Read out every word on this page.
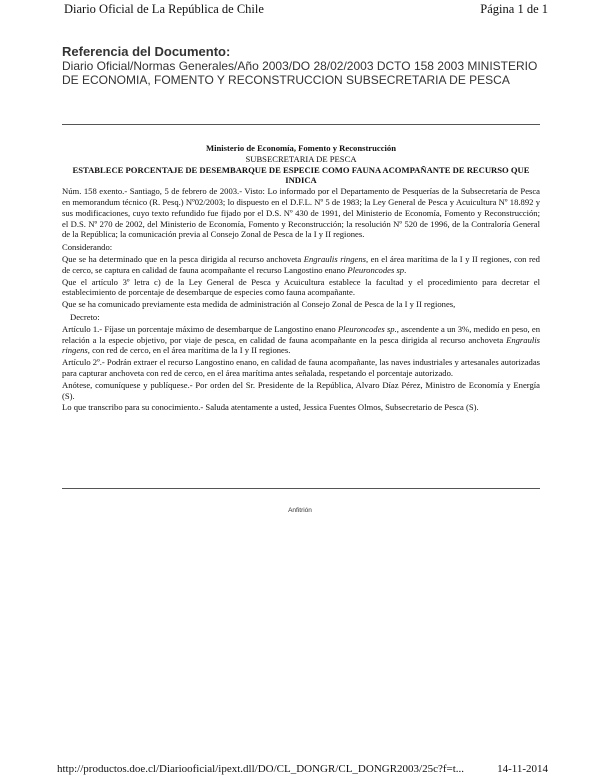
Diario Oficial de La República de Chile	Página 1 de 1

Referencia del Documento:

Diario Oficial/Normas Generales/Año 2003/DO 28/02/2003 DCTO 158 2003 MINISTERIO DE ECONOMIA, FOMENTO Y RECONSTRUCCION SUBSECRETARIA DE PESCA

Ministerio de Economía, Fomento y Reconstrucción
SUBSECRETARIA DE PESCA
ESTABLECE PORCENTAJE DE DESEMBARQUE DE ESPECIE COMO FAUNA ACOMPAÑANTE DE RECURSO QUE INDICA

Núm. 158 exento.- Santiago, 5 de febrero de 2003.- Visto: Lo informado por el Departamento de Pesquerías de la Subsecretaría de Pesca en memorandum técnico (R. Pesq.) Nº02/2003; lo dispuesto en el D.F.L. Nº 5 de 1983; la Ley General de Pesca y Acuicultura Nº 18.892 y sus modificaciones, cuyo texto refundido fue fijado por el D.S. Nº 430 de 1991, del Ministerio de Economía, Fomento y Reconstrucción; el D.S. Nº 270 de 2002, del Ministerio de Economía, Fomento y Reconstrucción; la resolución Nº 520 de 1996, de la Contraloría General de la República; la comunicación previa al Consejo Zonal de Pesca de la I y II regiones.

Considerando:

Que se ha determinado que en la pesca dirigida al recurso anchoveta Engraulis ringens, en el área marítima de la I y II regiones, con red de cerco, se captura en calidad de fauna acompañante el recurso Langostino enano Pleuroncodes sp.

Que el artículo 3º letra c) de la Ley General de Pesca y Acuicultura establece la facultad y el procedimiento para decretar el establecimiento de porcentaje de desembarque de especies como fauna acompañante.

Que se ha comunicado previamente esta medida de administración al Consejo Zonal de Pesca de la I y II regiones,

Decreto:

Artículo 1.- Fíjase un porcentaje máximo de desembarque de Langostino enano Pleuroncodes sp., ascendente a un 3%, medido en peso, en relación a la especie objetivo, por viaje de pesca, en calidad de fauna acompañante en la pesca dirigida al recurso anchoveta Engraulis ringens, con red de cerco, en el área marítima de la I y II regiones.

Artículo 2º.- Podrán extraer el recurso Langostino enano, en calidad de fauna acompañante, las naves industriales y artesanales autorizadas para capturar anchoveta con red de cerco, en el área marítima antes señalada, respetando el porcentaje autorizado.

Anótese, comuníquese y publíquese.- Por orden del Sr. Presidente de la República, Alvaro Díaz Pérez, Ministro de Economía y Energía (S).

Lo que transcribo para su conocimiento.- Saluda atentamente a usted, Jessica Fuentes Olmos, Subsecretario de Pesca (S).

Anfitrión
http://productos.doe.cl/Diariooficial/ipext.dll/DO/CL_DONGR/CL_DONGR2003/25c?f=t...	14-11-2014
